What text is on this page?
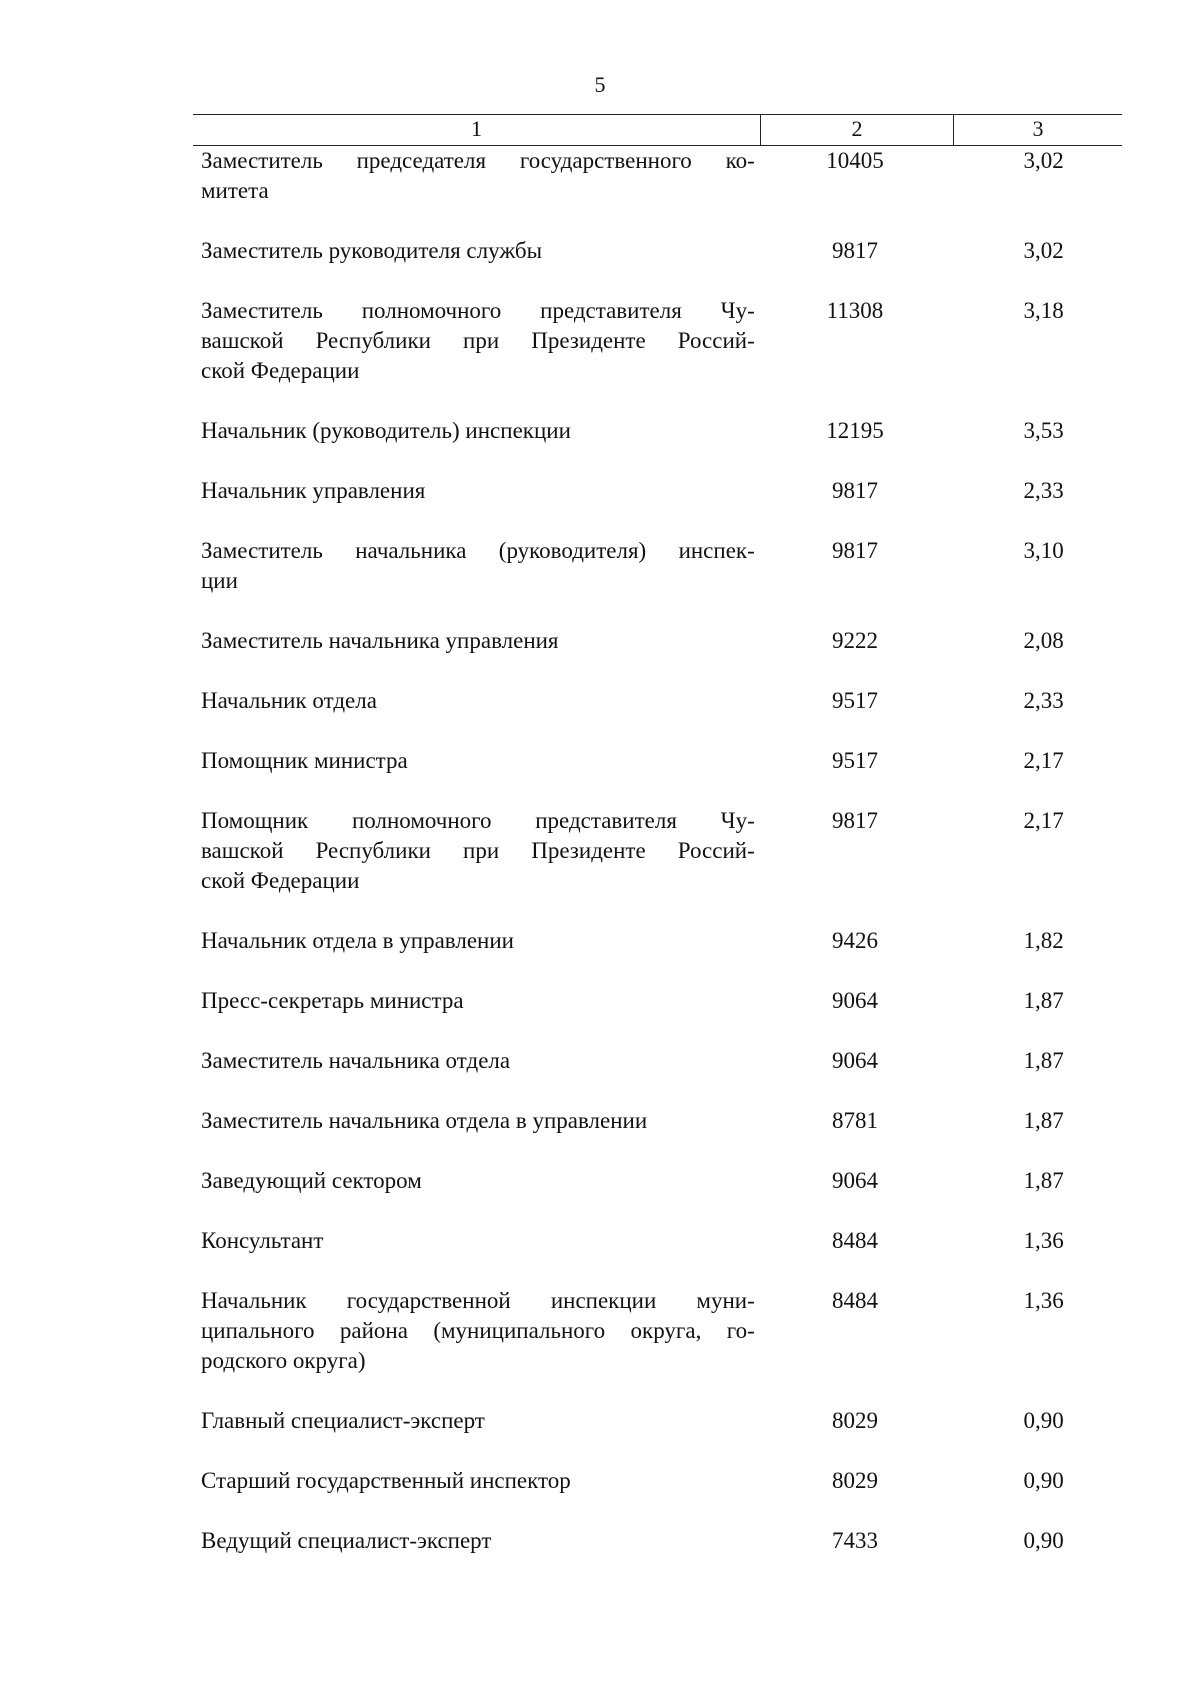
5
1	2	3
Заместитель председателя государственного ко-
митета
10405	3,02
Заместитель руководителя службы	9817	3,02
Заместитель полномочного представителя Чу-
вашской Республики при Президенте Россий-
ской Федерации
11308	3,18
Начальник (руководитель) инспекции	12195	3,53
Начальник управления	9817	2,33
Заместитель начальника (руководителя) инспек-
ции
9817	3,10
Заместитель начальника управления	9222	2,08
Начальник отдела	9517	2,33
Помощник министра	9517	2,17
Помощник полномочного представителя Чу-
вашской Республики при Президенте Россий-
ской Федерации
9817	2,17
Начальник отдела в управлении	9426	1,82
Пресс-секретарь министра	9064	1,87
Заместитель начальника отдела	9064	1,87
Заместитель начальника отдела в управлении	8781	1,87
Заведующий сектором	9064	1,87
Консультант	8484	1,36
Начальник государственной инспекции муни-
ципального района (муниципального округа, го-
родского округа)
8484	1,36
Главный специалист-эксперт	8029	0,90
Старший государственный инспектор	8029	0,90
Ведущий специалист-эксперт	7433	0,90
